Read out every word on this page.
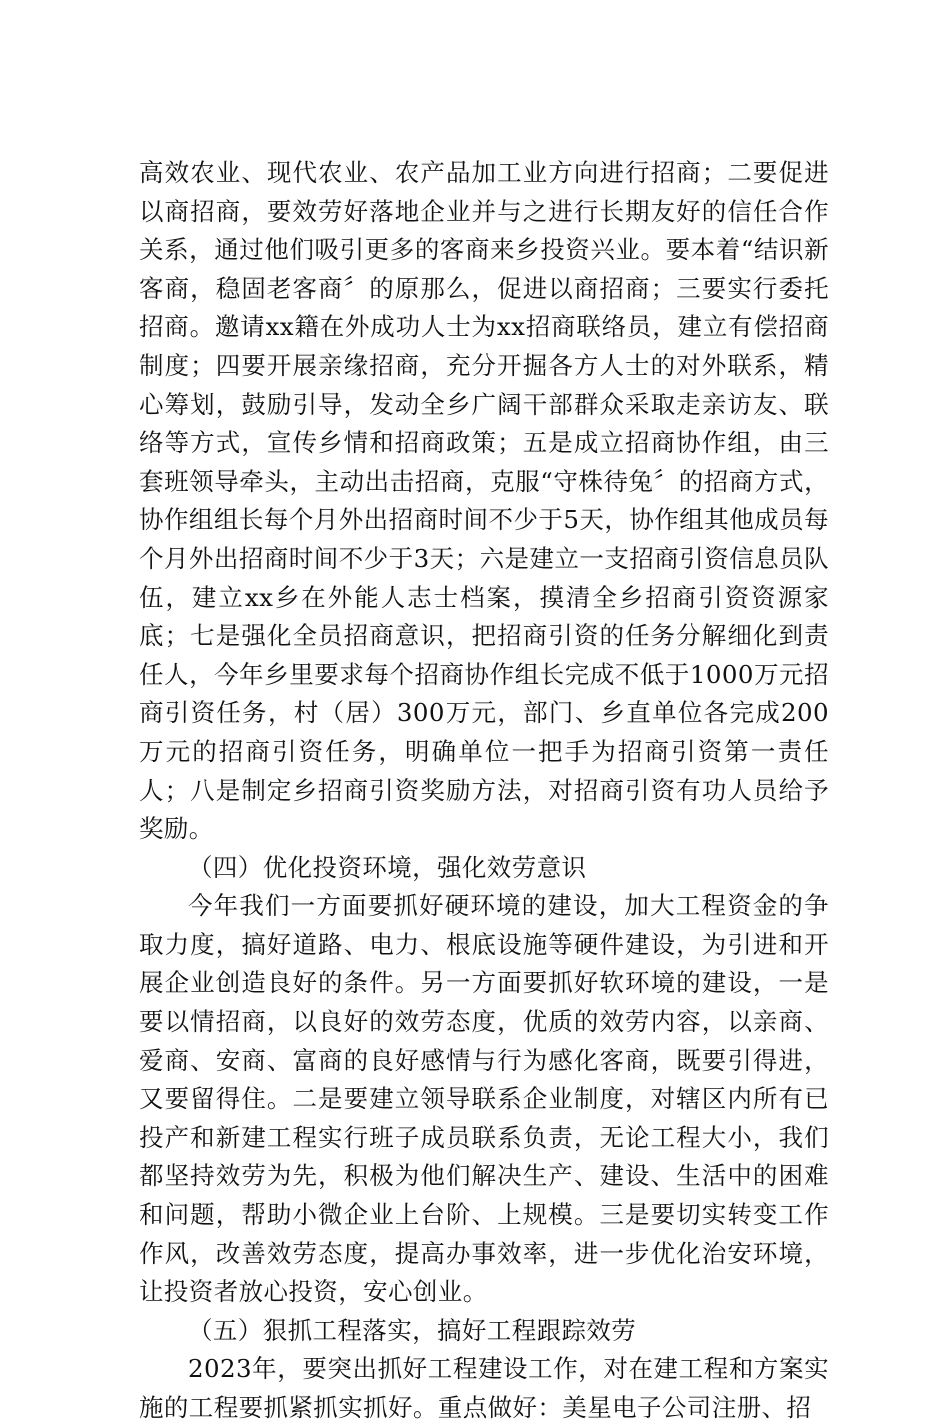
高效农业、现代农业、农产品加工业方向进行招商；二要促进以商招商，要效劳好落地企业并与之进行长期友好的信任合作关系，通过他们吸引更多的客商来乡投资兴业。要本着“结识新客商，稳固老客商〞的原那么，促进以商招商；三要实行委托招商。邀请xx籍在外成功人士为xx招商联络员，建立有偿招商制度；四要开展亲缘招商，充分开掘各方人士的对外联系，精心筹划，鼓励引导，发动全乡广阔干部群众采取走亲访友、联络等方式，宣传乡情和招商政策；五是成立招商协作组，由三套班领导牵头，主动出击招商，克服“守株待兔〞的招商方式，协作组组长每个月外出招商时间不少于5天，协作组其他成员每个月外出招商时间不少于3天；六是建立一支招商引资信息员队伍，建立xx乡在外能人志士档案，摸清全乡招商引资资源家底；七是强化全员招商意识，把招商引资的任务分解细化到责任人，今年乡里要求每个招商协作组长完成不低于1000万元招商引资任务，村（居）300万元，部门、乡直单位各完成200万元的招商引资任务，明确单位一把手为招商引资第一责任人；八是制定乡招商引资奖励方法，对招商引资有功人员给予奖励。

（四）优化投资环境，强化效劳意识

今年我们一方面要抓好硬环境的建设，加大工程资金的争取力度，搞好道路、电力、根底设施等硬件建设，为引进和开展企业创造良好的条件。另一方面要抓好软环境的建设，一是要以情招商，以良好的效劳态度，优质的效劳内容，以亲商、爱商、安商、富商的良好感情与行为感化客商，既要引得进，又要留得住。二是要建立领导联系企业制度，对辖区内所有已投产和新建工程实行班子成员联系负责，无论工程大小，我们都坚持效劳为先，积极为他们解决生产、建设、生活中的困难和问题，帮助小微企业上台阶、上规模。三是要切实转变工作作风，改善效劳态度，提高办事效率，进一步优化治安环境，让投资者放心投资，安心创业。

（五）狠抓工程落实，搞好工程跟踪效劳

2023年，要突出抓好工程建设工作，对在建工程和方案实施的工程要抓紧抓实抓好。重点做好：美星电子公司注册、招
